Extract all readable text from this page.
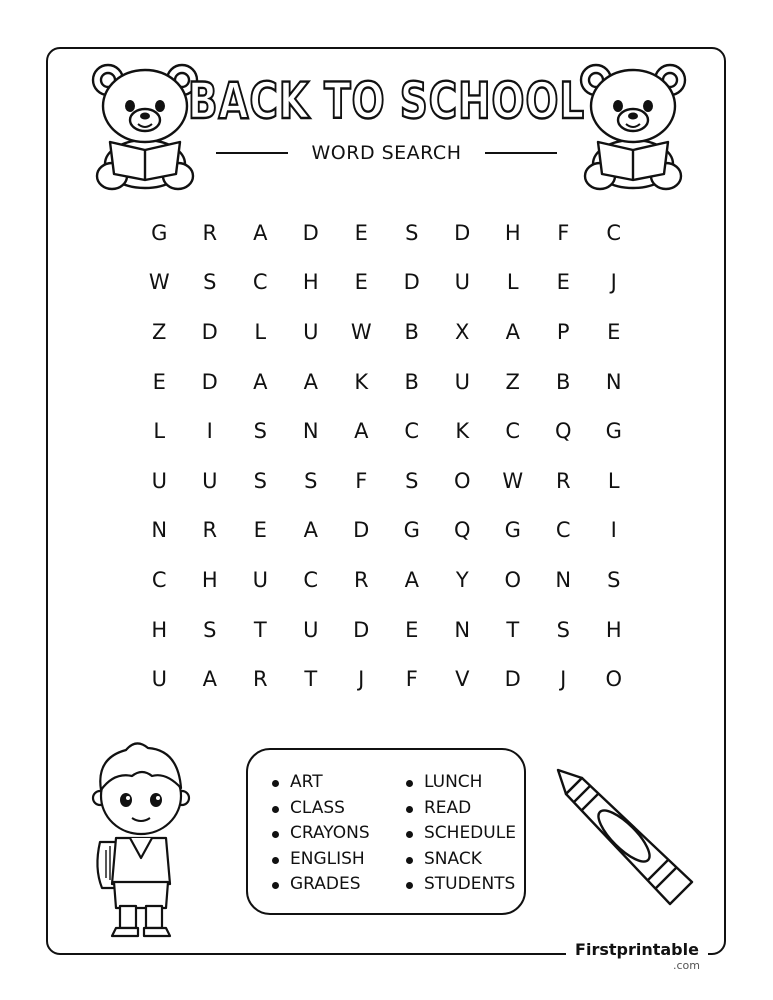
BACK TO SCHOOL
WORD SEARCH
G	R	A	D	E	S	D	H	F	C
W	S	C	H	E	D	U	L	E	J
Z	D	L	U	W	B	X	A	P	E
E	D	A	A	K	B	U	Z	B	N
L	I	S	N	A	C	K	C	Q	G
U	U	S	S	F	S	O	W	R	L
N	R	E	A	D	G	Q	G	C	I
C	H	U	C	R	A	Y	O	N	S
H	S	T	U	D	E	N	T	S	H
U	A	R	T	J	F	V	D	J	O
ART
CLASS
CRAYONS
ENGLISH
GRADES
LUNCH
READ
SCHEDULE
SNACK
STUDENTS
Firstprintable
.com
